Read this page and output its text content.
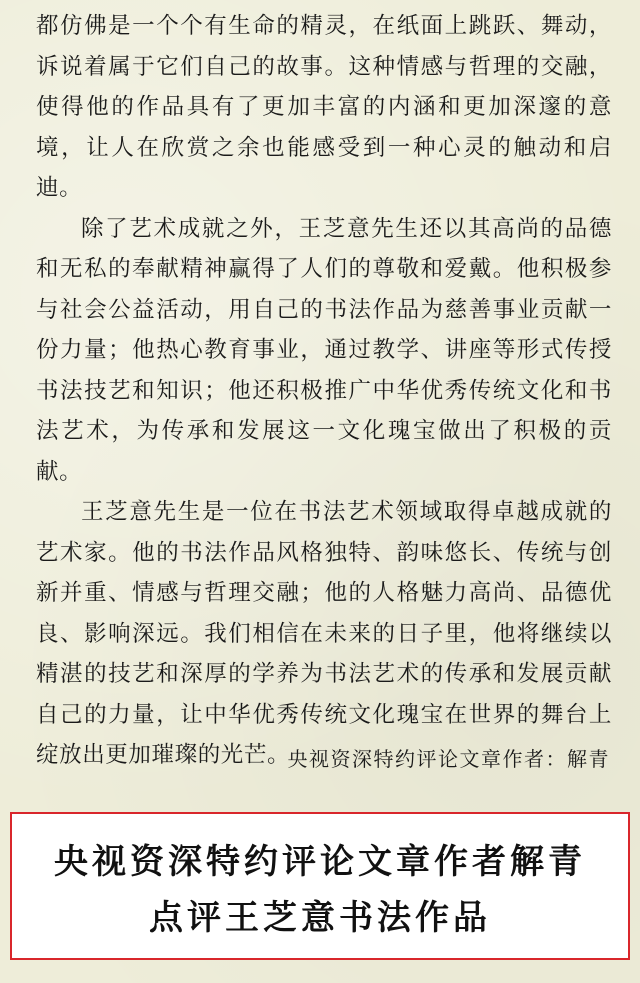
都仿佛是一个个有生命的精灵，在纸面上跳跃、舞动，诉说着属于它们自己的故事。这种情感与哲理的交融，使得他的作品具有了更加丰富的内涵和更加深邃的意境，让人在欣赏之余也能感受到一种心灵的触动和启迪。

除了艺术成就之外，王芝意先生还以其高尚的品德和无私的奉献精神赢得了人们的尊敬和爱戴。他积极参与社会公益活动，用自己的书法作品为慈善事业贡献一份力量；他热心教育事业，通过教学、讲座等形式传授书法技艺和知识；他还积极推广中华优秀传统文化和书法艺术，为传承和发展这一文化瑰宝做出了积极的贡献。

王芝意先生是一位在书法艺术领域取得卓越成就的艺术家。他的书法作品风格独特、韵味悠长、传统与创新并重、情感与哲理交融；他的人格魅力高尚、品德优良、影响深远。我们相信在未来的日子里，他将继续以精湛的技艺和深厚的学养为书法艺术的传承和发展贡献自己的力量，让中华优秀传统文化瑰宝在世界的舞台上绽放出更加璀璨的光芒。

央视资深特约评论文章作者：解青
央视资深特约评论文章作者解青
点评王芝意书法作品
